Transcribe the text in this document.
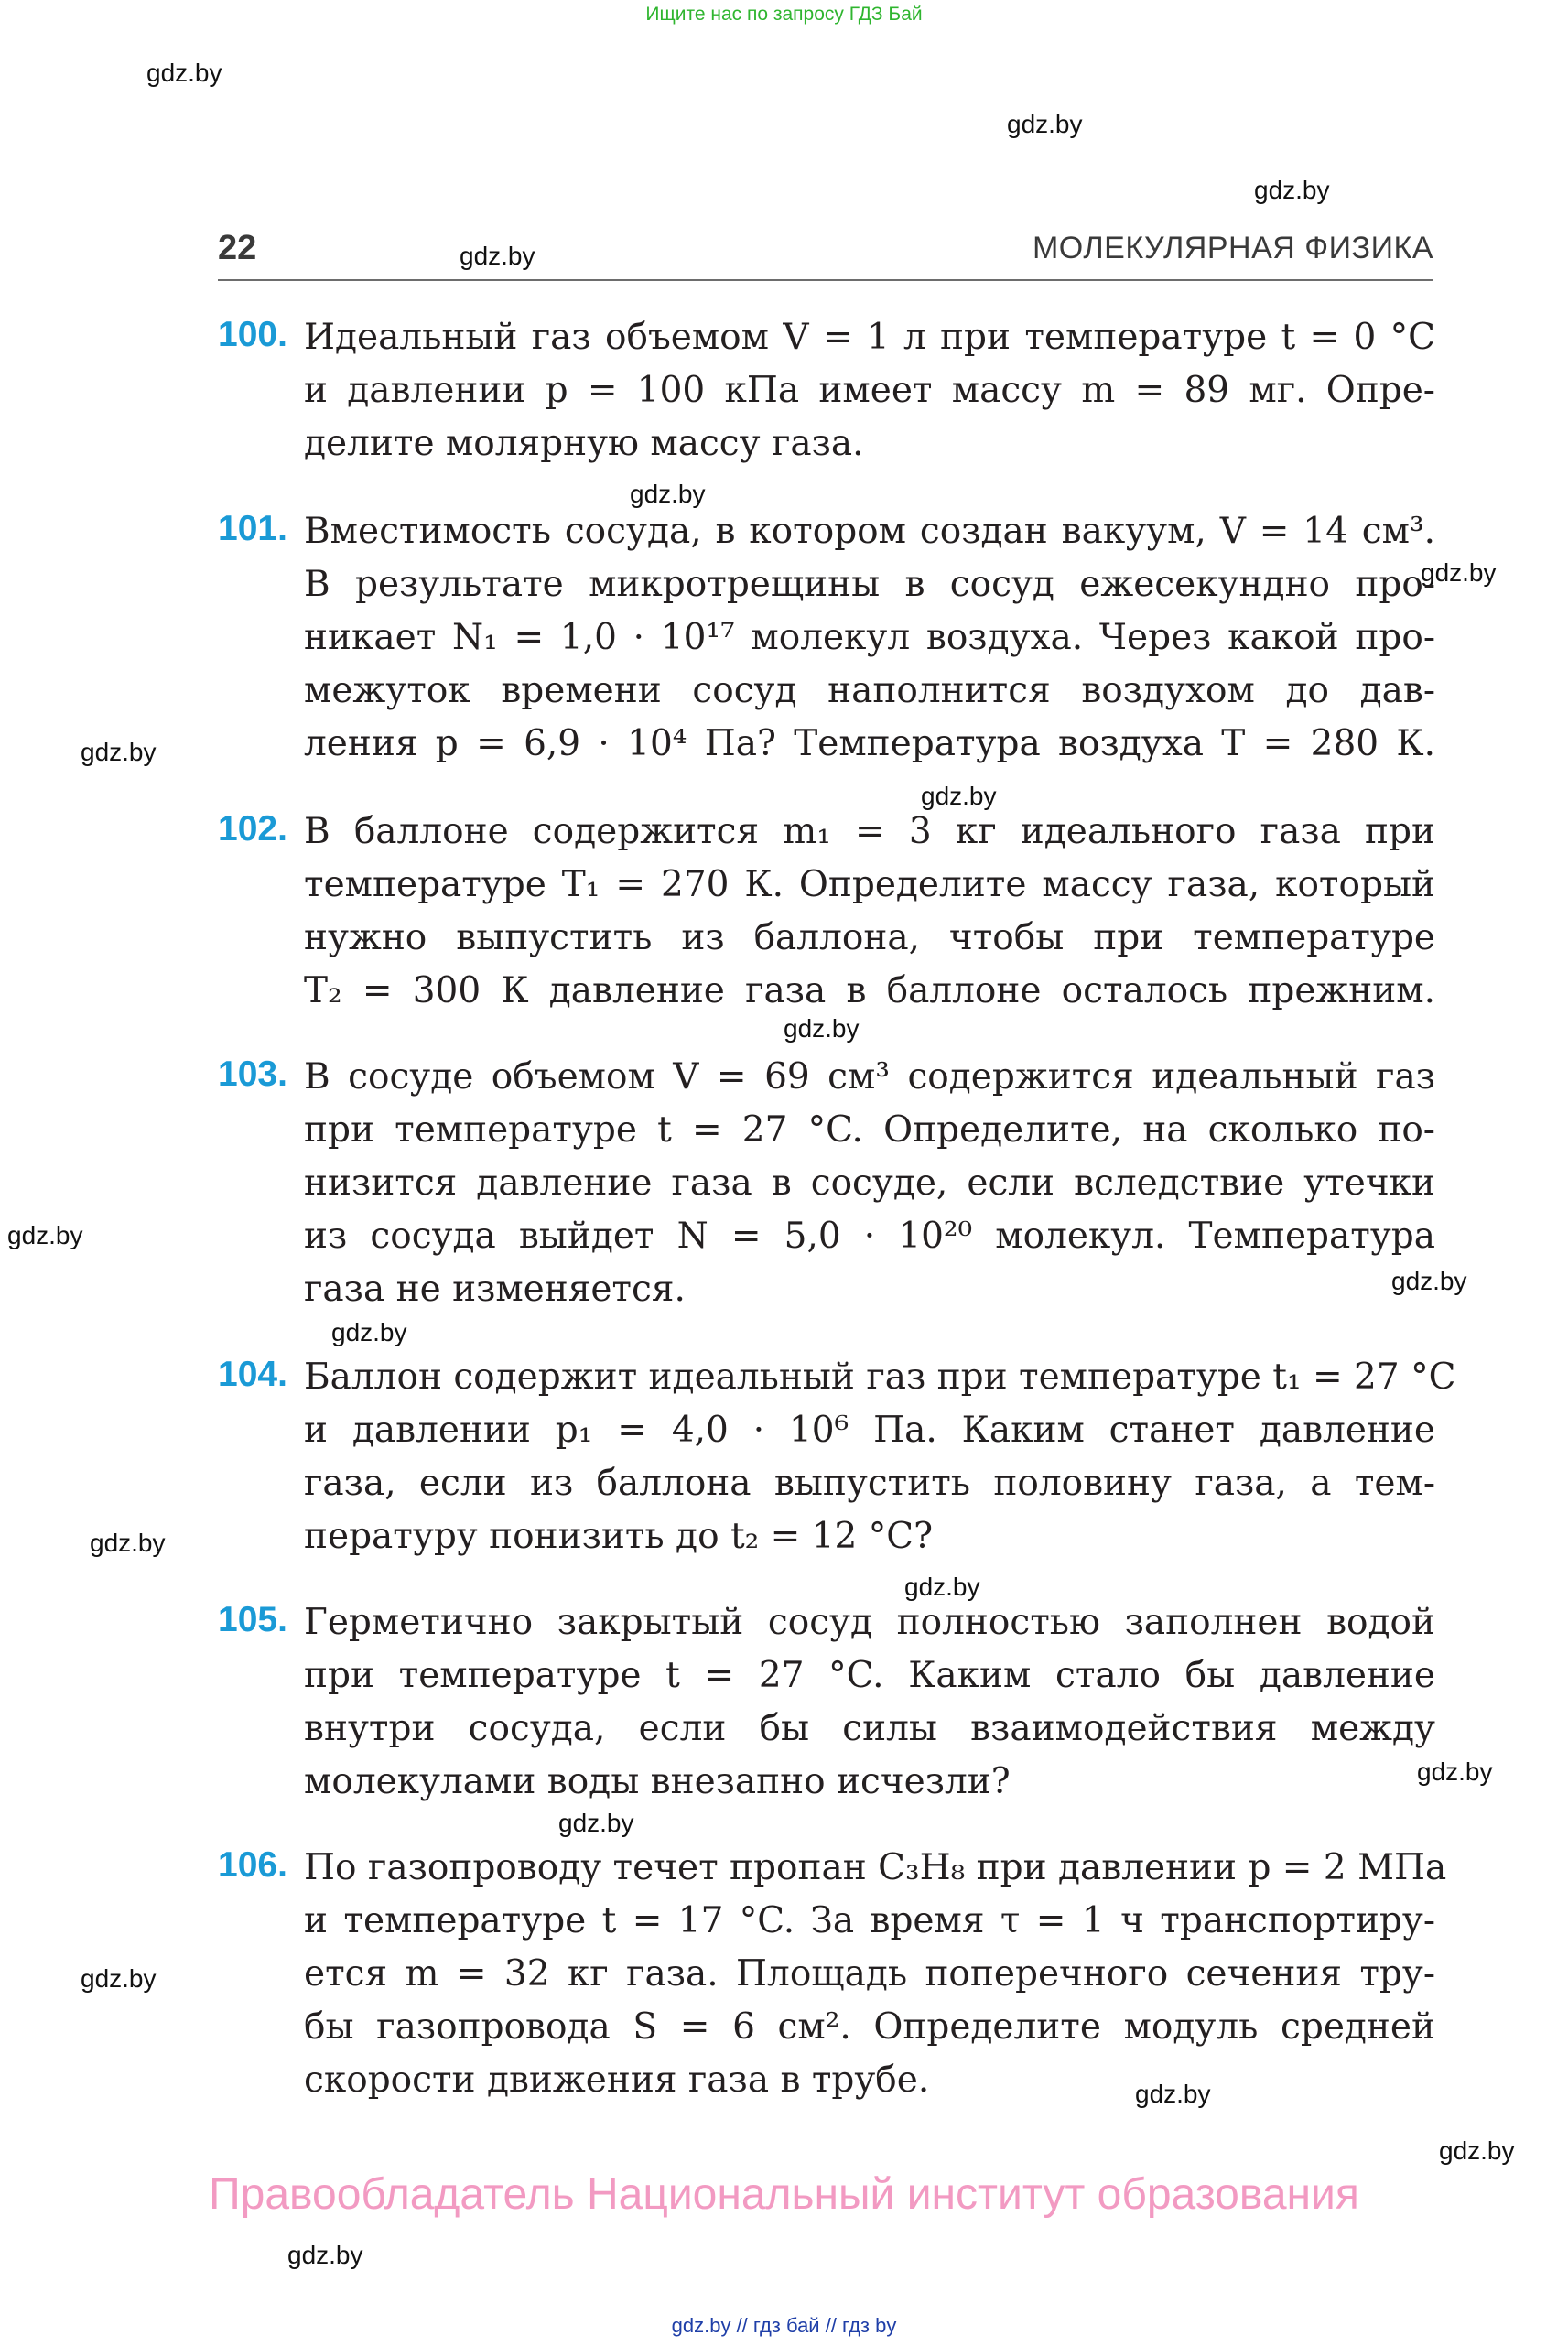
Ищите нас по запросу ГДЗ Бай
gdz.by
gdz.by
gdz.by
gdz.by
gdz.by
gdz.by
gdz.by
gdz.by
gdz.by
gdz.by
gdz.by
gdz.by
gdz.by
gdz.by
gdz.by
gdz.by
gdz.by
gdz.by
gdz.by
gdz.by
22	МОЛЕКУЛЯРНАЯ ФИЗИКА
100. Идеальный газ объемом V = 1 л при температуре t = 0 °C
и давлении p = 100 кПа имеет массу m = 89 мг. Опре-
делите молярную массу газа.
101. Вместимость сосуда, в котором создан вакуум, V = 14 см³.
В результате микротрещины в сосуд ежесекундно про-
никает N₁ = 1,0 · 10¹⁷ молекул воздуха. Через какой про-
межуток времени сосуд наполнится воздухом до дав-
ления p = 6,9 · 10⁴ Па? Температура воздуха T = 280 К.
102. В баллоне содержится m₁ = 3 кг идеального газа при
температуре T₁ = 270 К. Определите массу газа, который
нужно выпустить из баллона, чтобы при температуре
T₂ = 300 К давление газа в баллоне осталось прежним.
103. В сосуде объемом V = 69 см³ содержится идеальный газ
при температуре t = 27 °C. Определите, на сколько по-
низится давление газа в сосуде, если вследствие утечки
из сосуда выйдет N = 5,0 · 10²⁰ молекул. Температура
газа не изменяется.
104. Баллон содержит идеальный газ при температуре t₁ = 27 °C
и давлении p₁ = 4,0 · 10⁶ Па. Каким станет давление
газа, если из баллона выпустить половину газа, а тем-
пературу понизить до t₂ = 12 °C?
105. Герметично закрытый сосуд полностью заполнен водой
при температуре t = 27 °C. Каким стало бы давление
внутри сосуда, если бы силы взаимодействия между
молекулами воды внезапно исчезли?
106. По газопроводу течет пропан C₃H₈ при давлении p = 2 МПа
и температуре t = 17 °C. За время τ = 1 ч транспортиру-
ется m = 32 кг газа. Площадь поперечного сечения тру-
бы газопровода S = 6 см². Определите модуль средней
скорости движения газа в трубе.
Правообладатель Национальный институт образования
gdz.by // гдз бай // гдз by
